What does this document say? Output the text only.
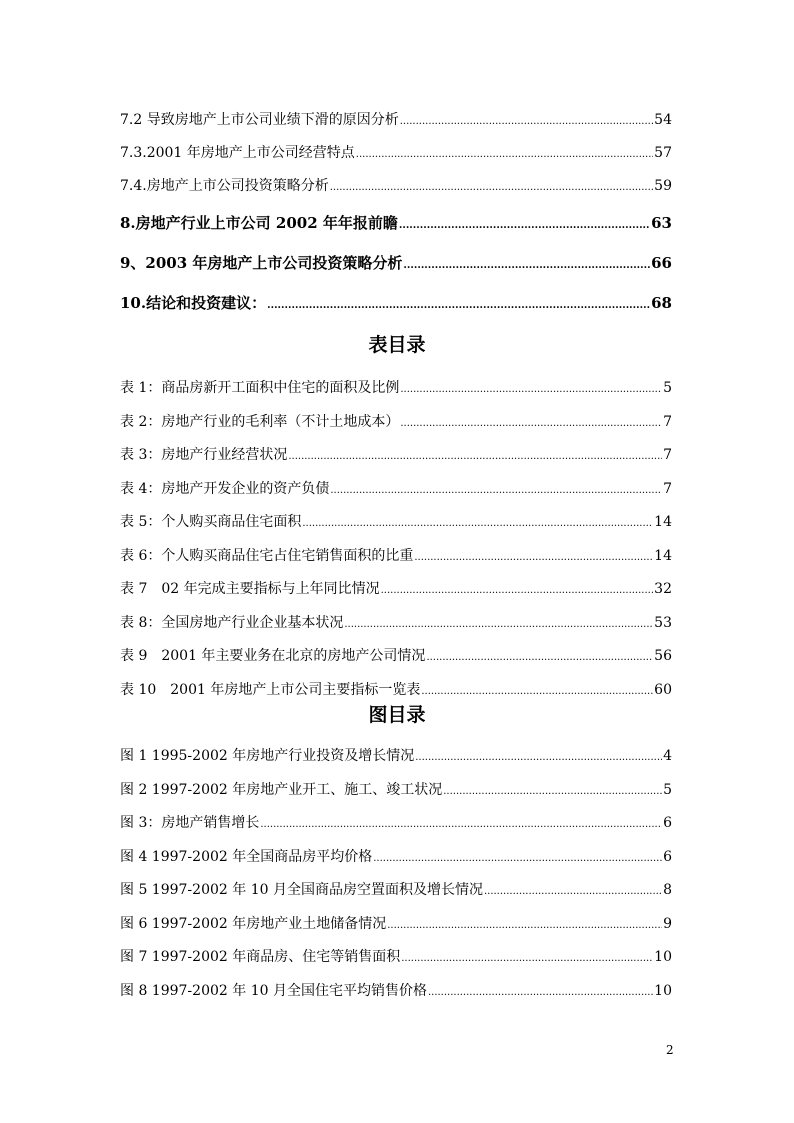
7.2 导致房地产上市公司业绩下滑的原因分析 .....	54
7.3.2001 年房地产上市公司经营特点 .....	57
7.4.房地产上市公司投资策略分析 .....	59
8.房地产行业上市公司 2002 年年报前瞻 .....	63
9、2003 年房地产上市公司投资策略分析 .....	66
10.结论和投资建议： .....	68
表目录
表 1：商品房新开工面积中住宅的面积及比例 .....	5
表 2：房地产行业的毛利率（不计土地成本） .....	7
表 3：房地产行业经营状况 .....	7
表 4：房地产开发企业的资产负债 .....	7
表 5：个人购买商品住宅面积 .....	14
表 6：个人购买商品住宅占住宅销售面积的比重 .....	14
表 7　02 年完成主要指标与上年同比情况 .....	32
表 8：全国房地产行业企业基本状况 .....	53
表 9　2001 年主要业务在北京的房地产公司情况 .....	56
表 10　2001 年房地产上市公司主要指标一览表 .....	60
图目录
图 1 1995-2002 年房地产行业投资及增长情况 .....	4
图 2 1997-2002 年房地产业开工、施工、竣工状况 .....	5
图 3：房地产销售增长 .....	6
图 4 1997-2002 年全国商品房平均价格 .....	6
图 5 1997-2002 年 10 月全国商品房空置面积及增长情况 .....	8
图 6 1997-2002 年房地产业土地储备情况 .....	9
图 7 1997-2002 年商品房、住宅等销售面积 .....	10
图 8 1997-2002 年 10 月全国住宅平均销售价格 .....	10
2
